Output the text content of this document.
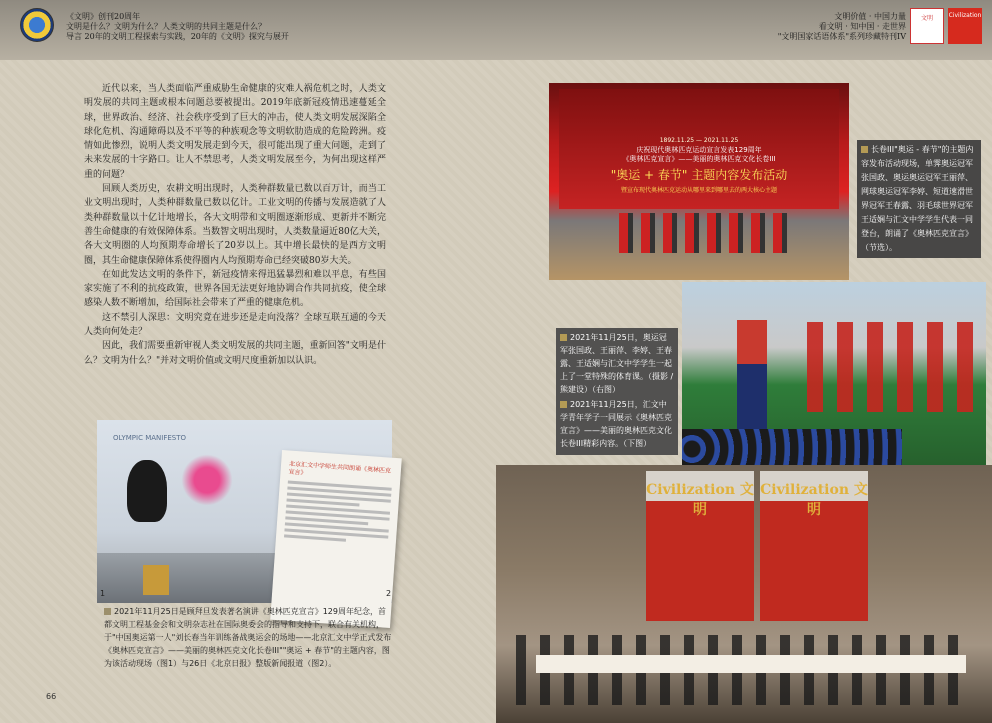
《文明》创刊20周年
文明是什么？文明为什么？人类文明的共同主题是什么？
导言 20年的文明工程探索与实践，20年的《文明》探究与展开
文明价值 · 中国力量
看文明 · 知中国 · 走世界
"文明国家话语体系"系列珍藏特刊IV
文明	Civilization

近代以来，当人类面临严重威胁生命健康的灾难人祸危机之时，人类文明发展的共同主题或根本问题总要被提出。2019年底新冠疫情迅速蔓延全球，世界政治、经济、社会秩序受到了巨大的冲击，使人类文明发展深陷全球化危机、沟通障碍以及不平等的种族观念等文明软肋造成的危险跨洲。疫情如此惨烈，说明人类文明发展走到今天，很可能出现了重大问题，走到了未来发展的十字路口。让人不禁思考，人类文明发展至今，为何出现这样严重的问题？

回顾人类历史，农耕文明出现时，人类种群数量已数以百万计，而当工业文明出现时，人类种群数量已数以亿计。工业文明的传播与发展造就了人类种群数量以十亿计地增长，各大文明带和文明圈逐渐形成、更新并不断完善生命健康的有效保障体系。当数智文明出现时，人类数量逼近80亿大关，各大文明圈的人均预期寿命增长了20岁以上。其中增长最快的是西方文明圈，其生命健康保障体系使得圈内人均预期寿命已经突破80岁大关。

在如此发达文明的条件下，新冠疫情来得迅猛暴烈和难以平息，有些国家实施了不利的抗疫政策，世界各国无法更好地协调合作共同抗疫，使全球感染人数不断增加，给国际社会带来了严重的健康危机。

这不禁引人深思：文明究竟在进步还是走向没落？全球互联互通的今天人类向何处走？

因此，我们需要重新审视人类文明发展的共同主题，重新回答"文明是什么？文明为什么？"并对文明价值或文明尺度重新加以认识。

OLYMPIC MANIFESTO
北京汇文中学师生共同朗诵《奥林匹克宣言》
1	2
2021年11月25日是顾拜旦发表著名演讲《奥林匹克宣言》129周年纪念，首都文明工程基金会和文明杂志社在国际奥委会的指导和支持下，联合有关机构，于"中国奥运第一人"刘长春当年训练备战奥运会的场地——北京汇文中学正式发布《奥林匹克宣言》——美丽的奥林匹克文化长卷III""奥运 + 春节"的主题内容，图为该活动现场（图1）与26日《北京日报》整版新闻报道（图2）。
66
1892.11.25 — 2021.11.25
庆祝现代奥林匹克运动宣言发表129周年
《奥林匹克宣言》——美丽的奥林匹克文化长卷III
"奥运 + 春节" 主题内容发布活动
暨宣布现代奥林匹克运动从哪里来到哪里去的两大核心主题
长卷III"奥运 - 春节"的主题内容发布活动现场，单霁奥运冠军张国政、奥运奥运冠军王丽萍、网球奥运冠军李婷、短道速滑世界冠军王春露、羽毛球世界冠军王适娴与汇文中学学生代表一同登台，朗诵了《奥林匹克宣言》（节选）。

2021年11月25日，奥运冠军张国政、王丽萍、李婷、王春露、王适娴与汇文中学学生一起上了一堂特殊的体育课。（摄影 / 熊建设）（右图）

2021年11月25日，汇文中学青年学子一同展示《奥林匹克宣言》——美丽的奥林匹克文化长卷III精彩内容。（下图）

Civilization 文明
Civilization 文明
